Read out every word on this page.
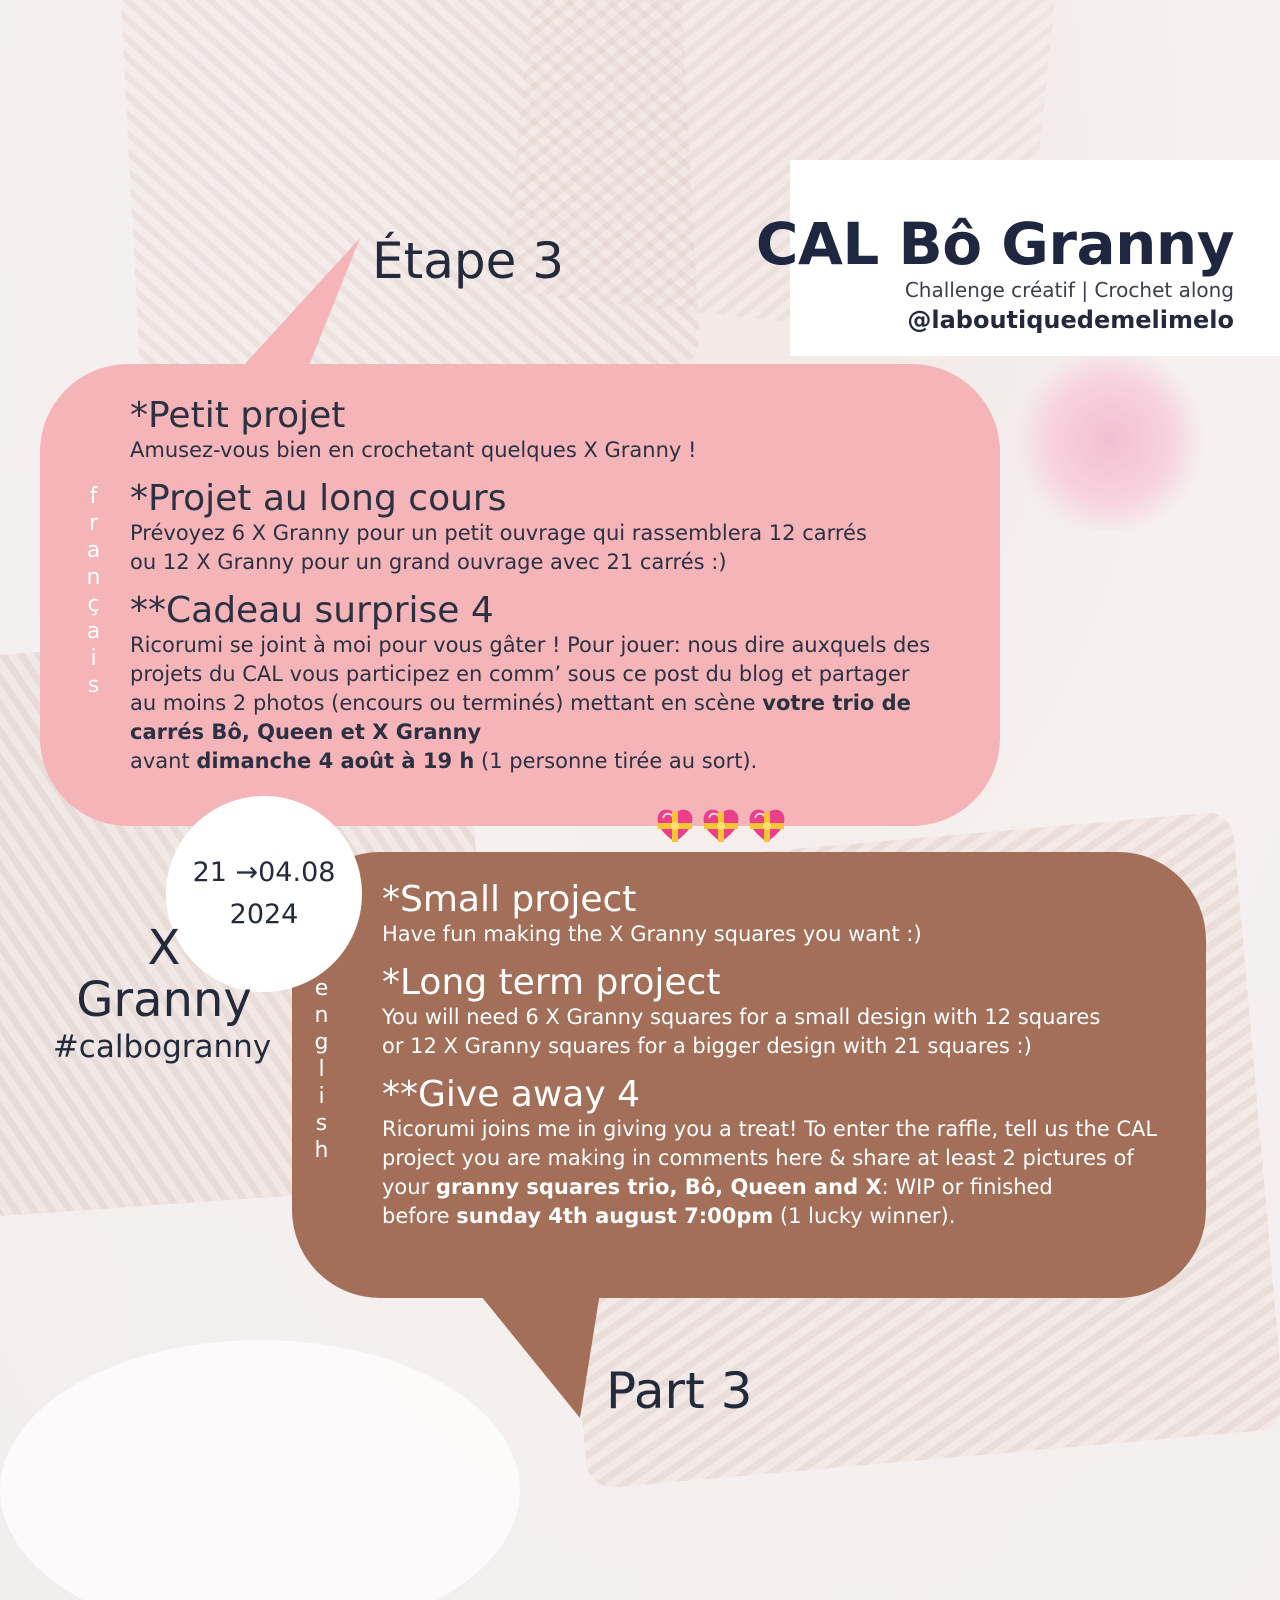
CAL Bô Granny
Challenge créatif | Crochet along
@laboutiquedemelimelo
Étape 3
français
*Petit projet

Amusez-vous bien en crochetant quelques X Granny !

*Projet au long cours

Prévoyez 6 X Granny pour un petit ouvrage qui rassemblera 12 carrés

ou 12 X Granny pour un grand ouvrage avec 21 carrés :)

**Cadeau surprise 4

Ricorumi se joint à moi pour vous gâter ! Pour jouer: nous dire auxquels des

projets du CAL vous participez en comm’ sous ce post du blog et partager

au moins 2 photos (encours ou terminés) mettant en scène votre trio de

carrés Bô, Queen et X Granny

avant dimanche 4 août à 19 h (1 personne tirée au sort).

Part 3
english
*Small project

Have fun making the X Granny squares you want :)

*Long term project

You will need 6 X Granny squares for a small design with 12 squares

or 12 X Granny squares for a bigger design with 21 squares :)

**Give away 4

Ricorumi joins me in giving you a treat! To enter the raffle, tell us the CAL

project you are making in comments here & share at least 2 pictures of

your granny squares trio, Bô, Queen and X: WIP or finished

before sunday 4th august 7:00pm (1 lucky winner).

21 →04.08
2024
X
Granny
#calbogranny
